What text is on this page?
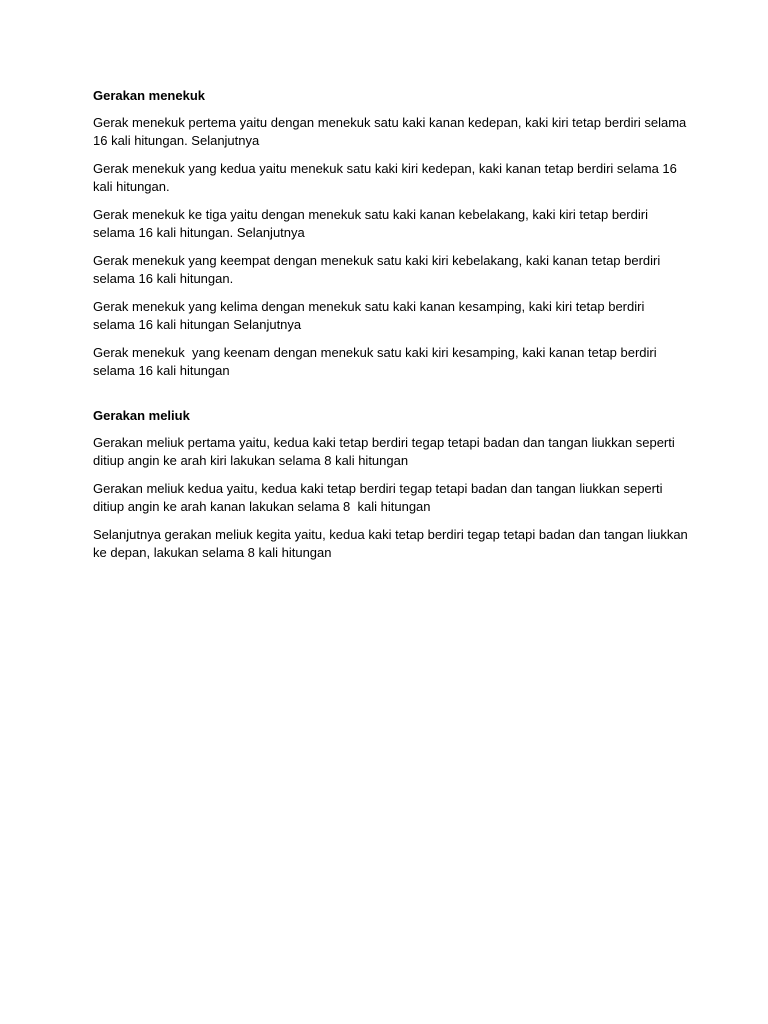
Gerakan menekuk

Gerak menekuk pertema yaitu dengan menekuk satu kaki kanan kedepan, kaki kiri tetap berdiri selama 16 kali hitungan. Selanjutnya

Gerak menekuk yang kedua yaitu menekuk satu kaki kiri kedepan, kaki kanan tetap berdiri selama 16 kali hitungan.

Gerak menekuk ke tiga yaitu dengan menekuk satu kaki kanan kebelakang, kaki kiri tetap berdiri selama 16 kali hitungan. Selanjutnya

Gerak menekuk yang keempat dengan menekuk satu kaki kiri kebelakang, kaki kanan tetap berdiri selama 16 kali hitungan.

Gerak menekuk yang kelima dengan menekuk satu kaki kanan kesamping, kaki kiri tetap berdiri selama 16 kali hitungan Selanjutnya

Gerak menekuk  yang keenam dengan menekuk satu kaki kiri kesamping, kaki kanan tetap berdiri selama 16 kali hitungan

Gerakan meliuk

Gerakan meliuk pertama yaitu, kedua kaki tetap berdiri tegap tetapi badan dan tangan liukkan seperti ditiup angin ke arah kiri lakukan selama 8 kali hitungan

Gerakan meliuk kedua yaitu, kedua kaki tetap berdiri tegap tetapi badan dan tangan liukkan seperti ditiup angin ke arah kanan lakukan selama 8  kali hitungan

Selanjutnya gerakan meliuk kegita yaitu, kedua kaki tetap berdiri tegap tetapi badan dan tangan liukkan ke depan, lakukan selama 8 kali hitungan
